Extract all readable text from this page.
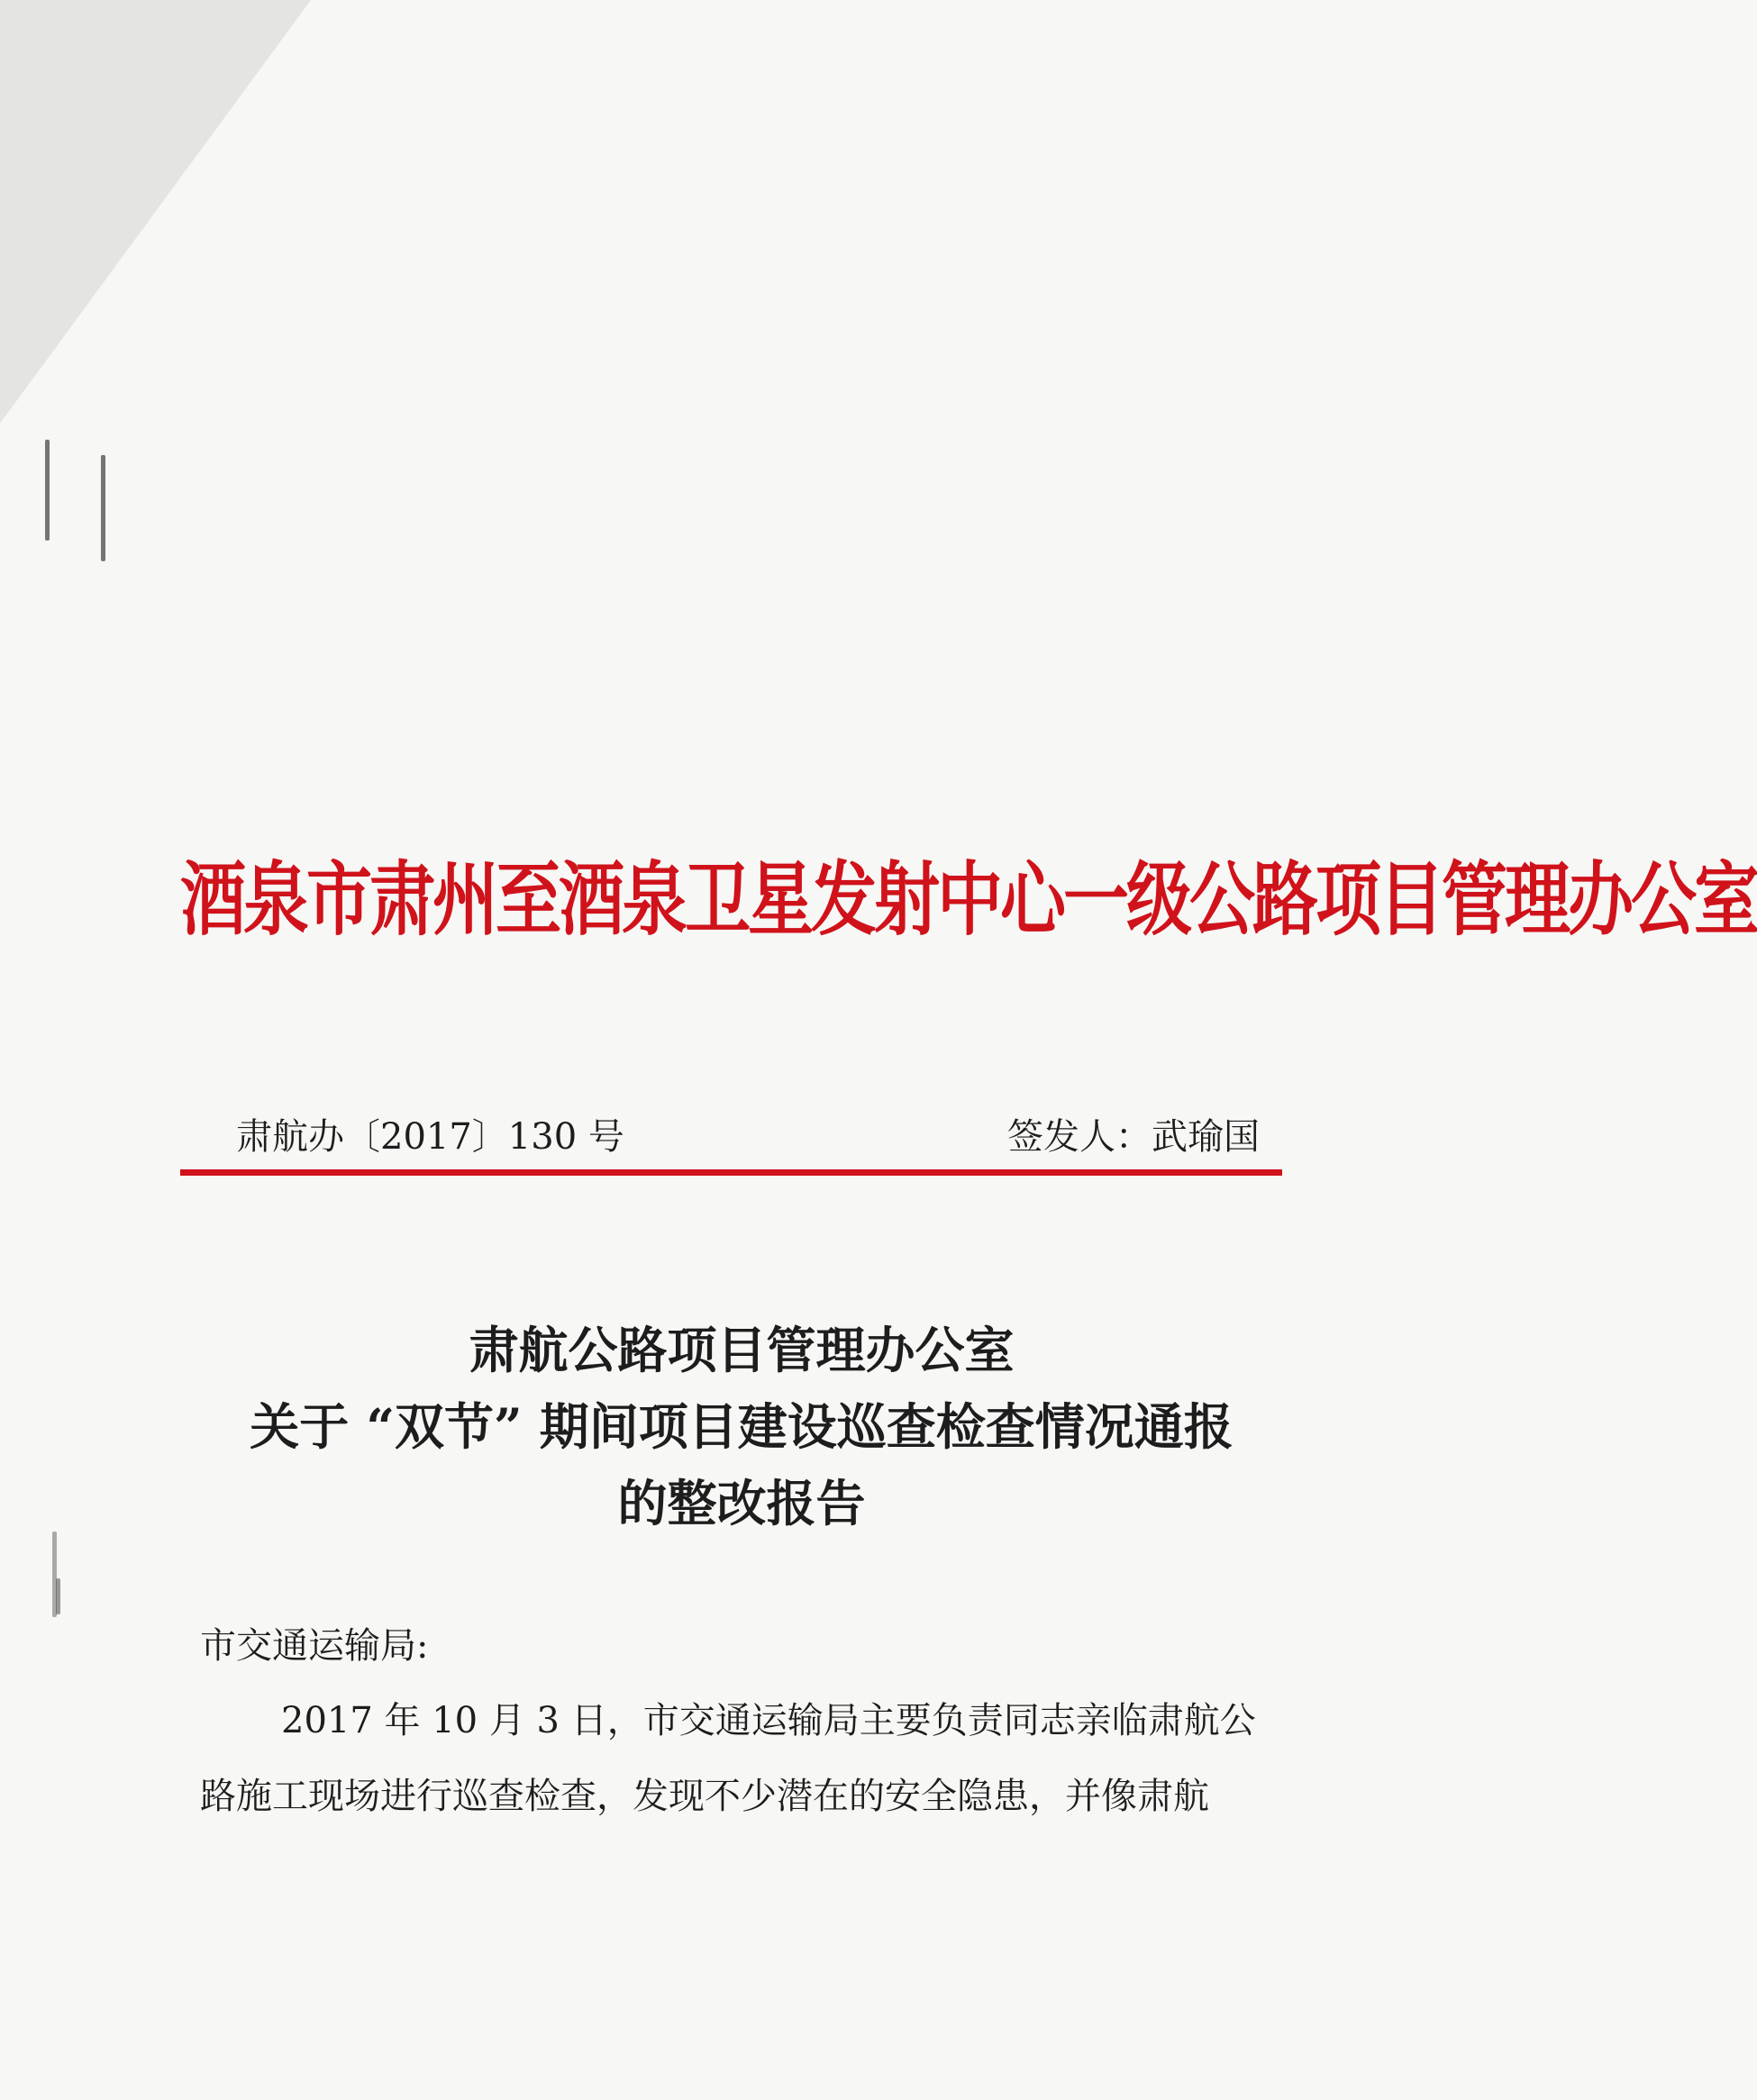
酒泉市肃州至酒泉卫星发射中心一级公路项目管理办公室
肃航办〔2017〕130 号	签发人：武瑜国
肃航公路项目管理办公室
关于 “双节” 期间项目建设巡查检查情况通报
的整改报告
市交通运输局:
2017 年 10 月 3 日，市交通运输局主要负责同志亲临肃航公
路施工现场进行巡查检查，发现不少潜在的安全隐患，并像肃航
